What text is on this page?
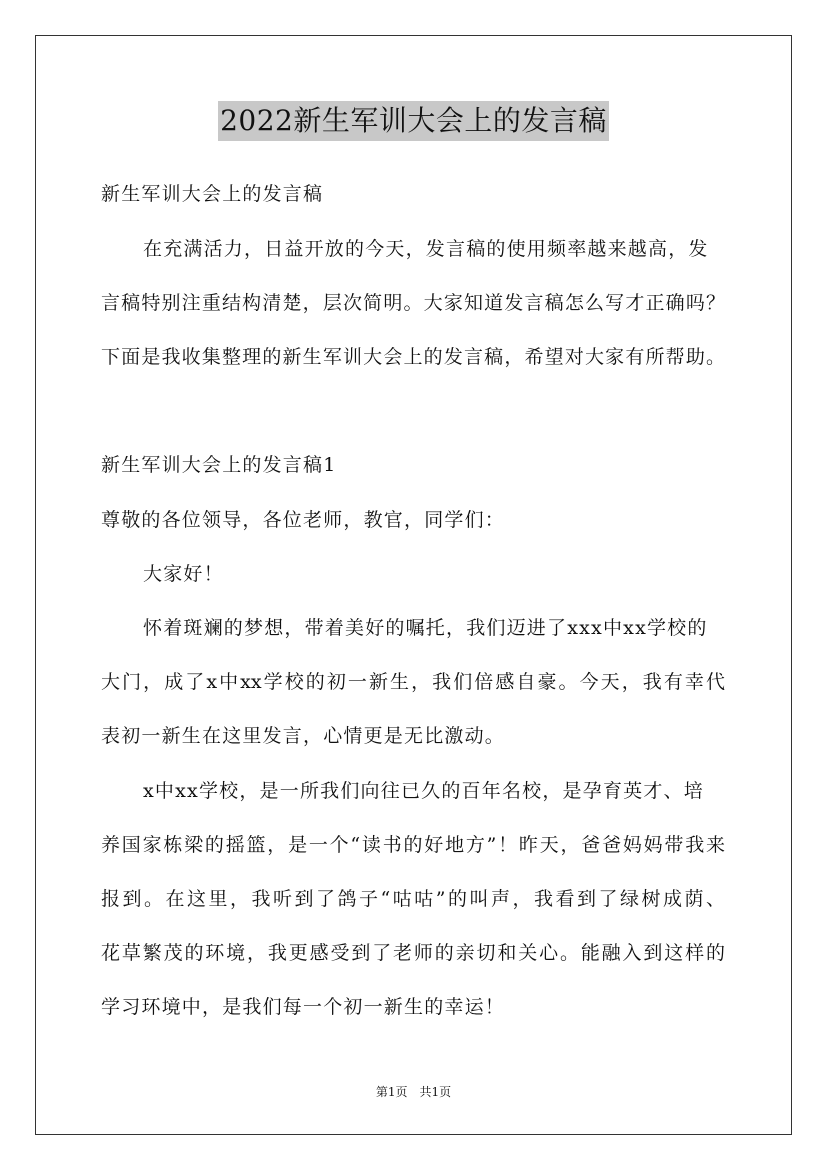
2022新生军训大会上的发言稿
新生军训大会上的发言稿
在充满活力，日益开放的今天，发言稿的使用频率越来越高，发
言稿特别注重结构清楚，层次简明。大家知道发言稿怎么写才正确吗？
下面是我收集整理的新生军训大会上的发言稿，希望对大家有所帮助。
新生军训大会上的发言稿1
尊敬的各位领导，各位老师，教官，同学们：
大家好！
怀着斑斓的梦想，带着美好的嘱托，我们迈进了xxx中xx学校的
大门，成了x中xx学校的初一新生，我们倍感自豪。今天，我有幸代
表初一新生在这里发言，心情更是无比激动。
x中xx学校，是一所我们向往已久的百年名校，是孕育英才、培
养国家栋梁的摇篮，是一个“读书的好地方”！昨天，爸爸妈妈带我来
报到。在这里，我听到了鸽子“咕咕”的叫声，我看到了绿树成荫、
花草繁茂的环境，我更感受到了老师的亲切和关心。能融入到这样的
学习环境中，是我们每一个初一新生的幸运！
第1页 共1页
